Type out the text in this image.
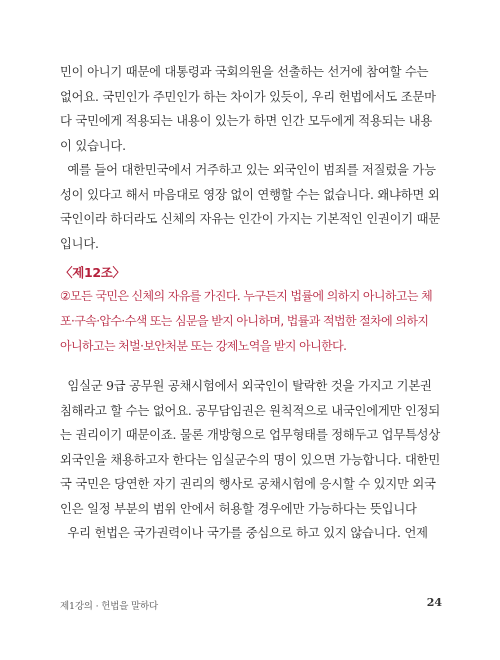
민이 아니기 때문에 대통령과 국회의원을 선출하는 선거에 참여할 수는
없어요. 국민인가 주민인가 하는 차이가 있듯이, 우리 헌법에서도 조문마
다 국민에게 적용되는 내용이 있는가 하면 인간 모두에게 적용되는 내용
이 있습니다.
예를 들어 대한민국에서 거주하고 있는 외국인이 범죄를 저질렀을 가능
성이 있다고 해서 마음대로 영장 없이 연행할 수는 없습니다. 왜냐하면 외
국인이라 하더라도 신체의 자유는 인간이 가지는 기본적인 인권이기 때문
입니다.
〈제12조〉
②모든 국민은 신체의 자유를 가진다. 누구든지 법률에 의하지 아니하고는 체
포·구속·압수·수색 또는 심문을 받지 아니하며, 법률과 적법한 절차에 의하지
아니하고는 처벌·보안처분 또는 강제노역을 받지 아니한다.
임실군 9급 공무원 공채시험에서 외국인이 탈락한 것을 가지고 기본권
침해라고 할 수는 없어요. 공무담임권은 원칙적으로 내국인에게만 인정되
는 권리이기 때문이죠. 물론 개방형으로 업무형태를 정해두고 업무특성상
외국인을 채용하고자 한다는 임실군수의 명이 있으면 가능합니다. 대한민
국 국민은 당연한 자기 권리의 행사로 공채시험에 응시할 수 있지만 외국
인은 일정 부분의 범위 안에서 허용할 경우에만 가능하다는 뜻입니다
우리 헌법은 국가권력이나 국가를 중심으로 하고 있지 않습니다. 언제
제1강의 · 헌법을 말하다	24
